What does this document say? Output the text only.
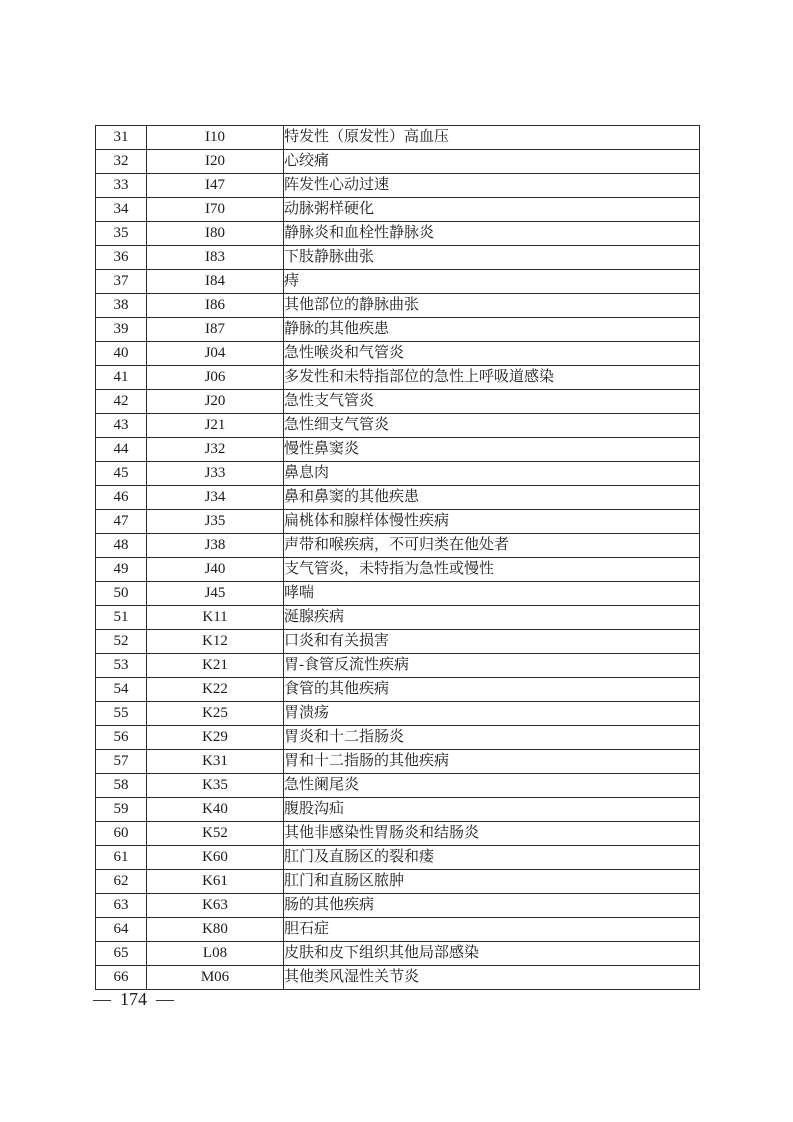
31	I10	特发性（原发性）高血压
32	I20	心绞痛
33	I47	阵发性心动过速
34	I70	动脉粥样硬化
35	I80	静脉炎和血栓性静脉炎
36	I83	下肢静脉曲张
37	I84	痔
38	I86	其他部位的静脉曲张
39	I87	静脉的其他疾患
40	J04	急性喉炎和气管炎
41	J06	多发性和未特指部位的急性上呼吸道感染
42	J20	急性支气管炎
43	J21	急性细支气管炎
44	J32	慢性鼻窦炎
45	J33	鼻息肉
46	J34	鼻和鼻窦的其他疾患
47	J35	扁桃体和腺样体慢性疾病
48	J38	声带和喉疾病，不可归类在他处者
49	J40	支气管炎，未特指为急性或慢性
50	J45	哮喘
51	K11	涎腺疾病
52	K12	口炎和有关损害
53	K21	胃-食管反流性疾病
54	K22	食管的其他疾病
55	K25	胃溃疡
56	K29	胃炎和十二指肠炎
57	K31	胃和十二指肠的其他疾病
58	K35	急性阑尾炎
59	K40	腹股沟疝
60	K52	其他非感染性胃肠炎和结肠炎
61	K60	肛门及直肠区的裂和瘘
62	K61	肛门和直肠区脓肿
63	K63	肠的其他疾病
64	K80	胆石症
65	L08	皮肤和皮下组织其他局部感染
66	M06	其他类风湿性关节炎
— 174 —
